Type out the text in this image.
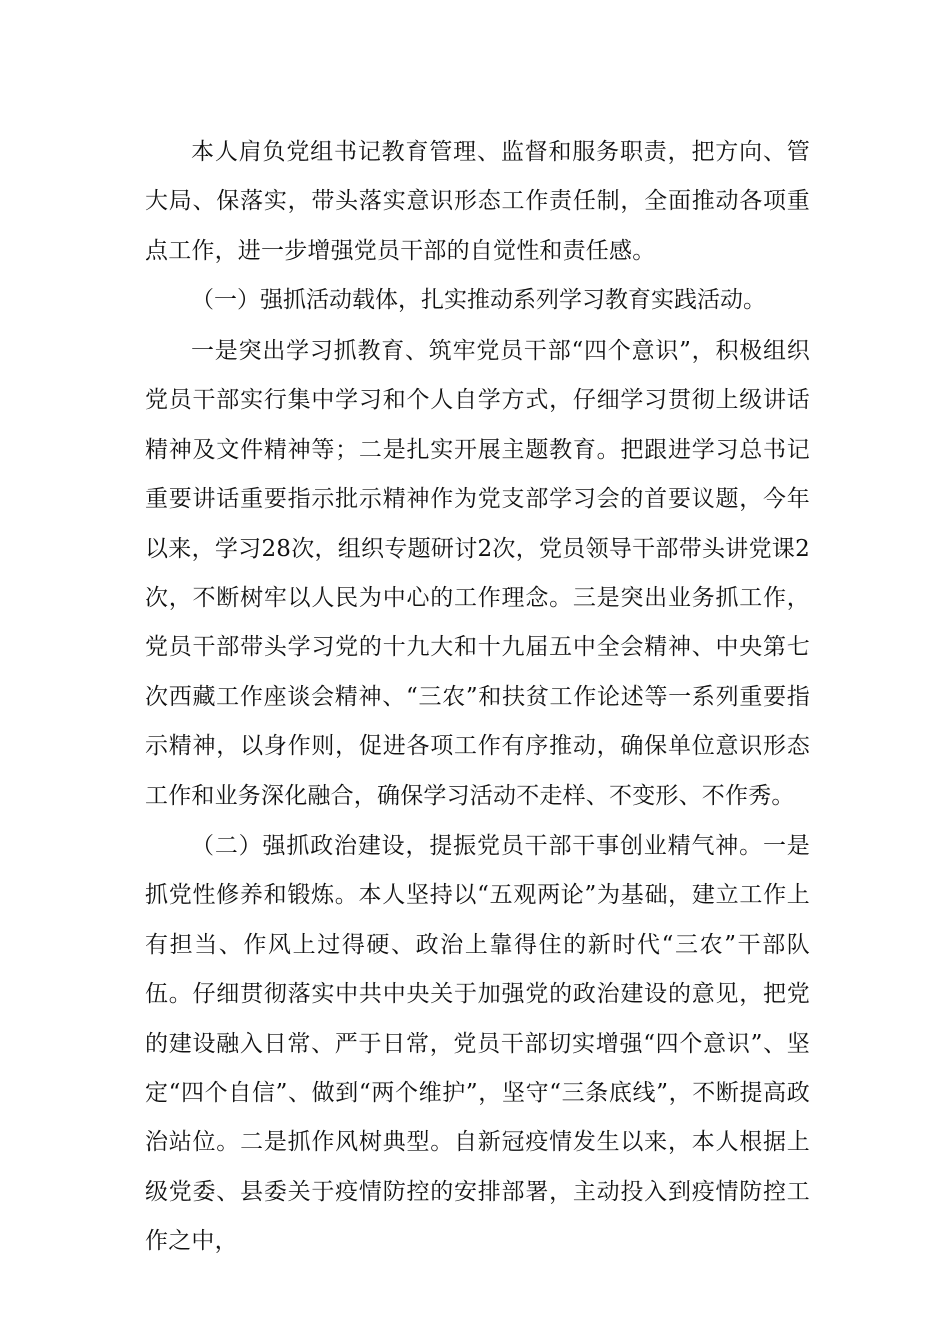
本人肩负党组书记教育管理、监督和服务职责，把方向、管大局、保落实，带头落实意识形态工作责任制，全面推动各项重点工作，进一步增强党员干部的自觉性和责任感。

（一）强抓活动载体，扎实推动系列学习教育实践活动。

一是突出学习抓教育、筑牢党员干部“四个意识”，积极组织党员干部实行集中学习和个人自学方式，仔细学习贯彻上级讲话精神及文件精神等；二是扎实开展主题教育。把跟进学习总书记重要讲话重要指示批示精神作为党支部学习会的首要议题，今年以来，学习28次，组织专题研讨2次，党员领导干部带头讲党课2次，不断树牢以人民为中心的工作理念。三是突出业务抓工作，党员干部带头学习党的十九大和十九届五中全会精神、中央第七次西藏工作座谈会精神、“三农”和扶贫工作论述等一系列重要指示精神，以身作则，促进各项工作有序推动，确保单位意识形态工作和业务深化融合，确保学习活动不走样、不变形、不作秀。

（二）强抓政治建设，提振党员干部干事创业精气神。一是抓党性修养和锻炼。本人坚持以“五观两论”为基础，建立工作上有担当、作风上过得硬、政治上靠得住的新时代“三农”干部队伍。仔细贯彻落实中共中央关于加强党的政治建设的意见，把党的建设融入日常、严于日常，党员干部切实增强“四个意识”、坚定“四个自信”、做到“两个维护”，坚守“三条底线”，不断提高政治站位。二是抓作风树典型。自新冠疫情发生以来，本人根据上级党委、县委关于疫情防控的安排部署，主动投入到疫情防控工作之中，
